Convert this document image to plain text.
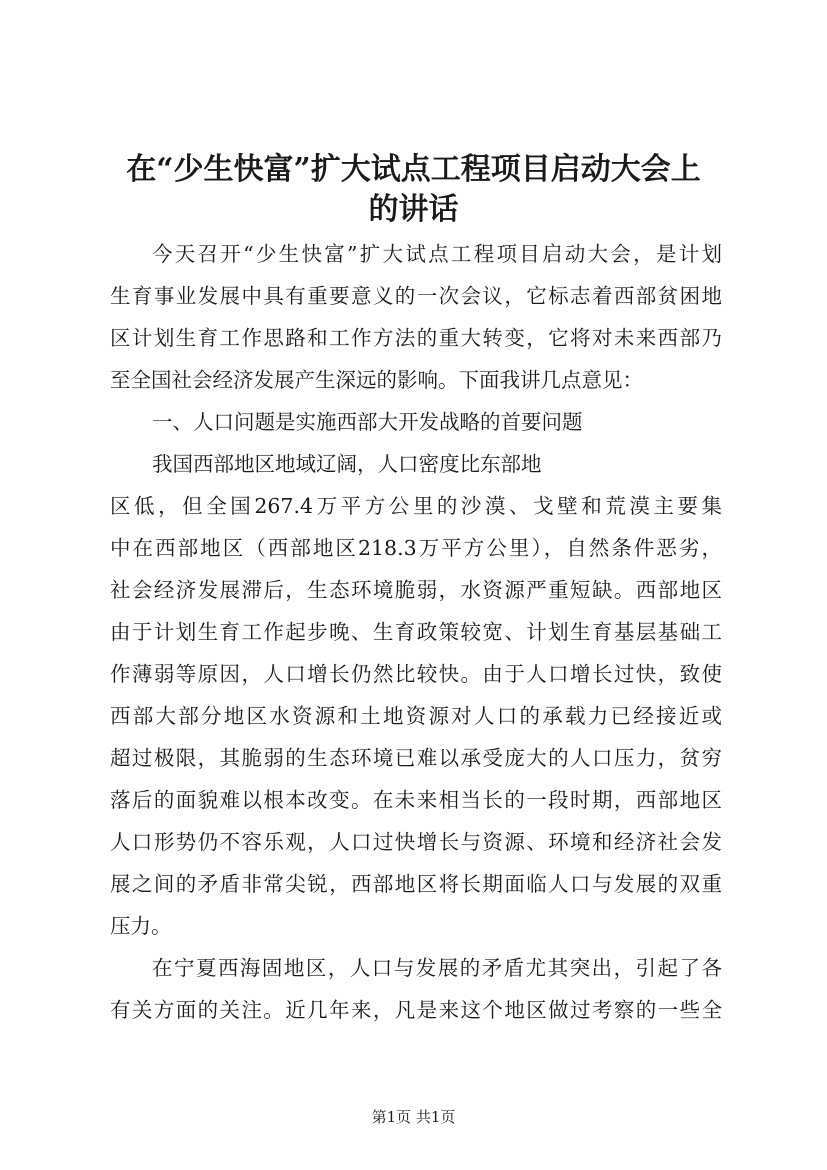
在“少生快富”扩大试点工程项目启动大会上
的讲话
今天召开“少生快富”扩大试点工程项目启动大会，是计划
生育事业发展中具有重要意义的一次会议，它标志着西部贫困地
区计划生育工作思路和工作方法的重大转变，它将对未来西部乃
至全国社会经济发展产生深远的影响。下面我讲几点意见：
一、人口问题是实施西部大开发战略的首要问题
我国西部地区地域辽阔，人口密度比东部地
区低，但全国267.4万平方公里的沙漠、戈壁和荒漠主要集
中在西部地区（西部地区218.3万平方公里），自然条件恶劣，
社会经济发展滞后，生态环境脆弱，水资源严重短缺。西部地区
由于计划生育工作起步晚、生育政策较宽、计划生育基层基础工
作薄弱等原因，人口增长仍然比较快。由于人口增长过快，致使
西部大部分地区水资源和土地资源对人口的承载力已经接近或
超过极限，其脆弱的生态环境已难以承受庞大的人口压力，贫穷
落后的面貌难以根本改变。在未来相当长的一段时期，西部地区
人口形势仍不容乐观，人口过快增长与资源、环境和经济社会发
展之间的矛盾非常尖锐，西部地区将长期面临人口与发展的双重
压力。
在宁夏西海固地区，人口与发展的矛盾尤其突出，引起了各
有关方面的关注。近几年来，凡是来这个地区做过考察的一些全
第1页 共1页
